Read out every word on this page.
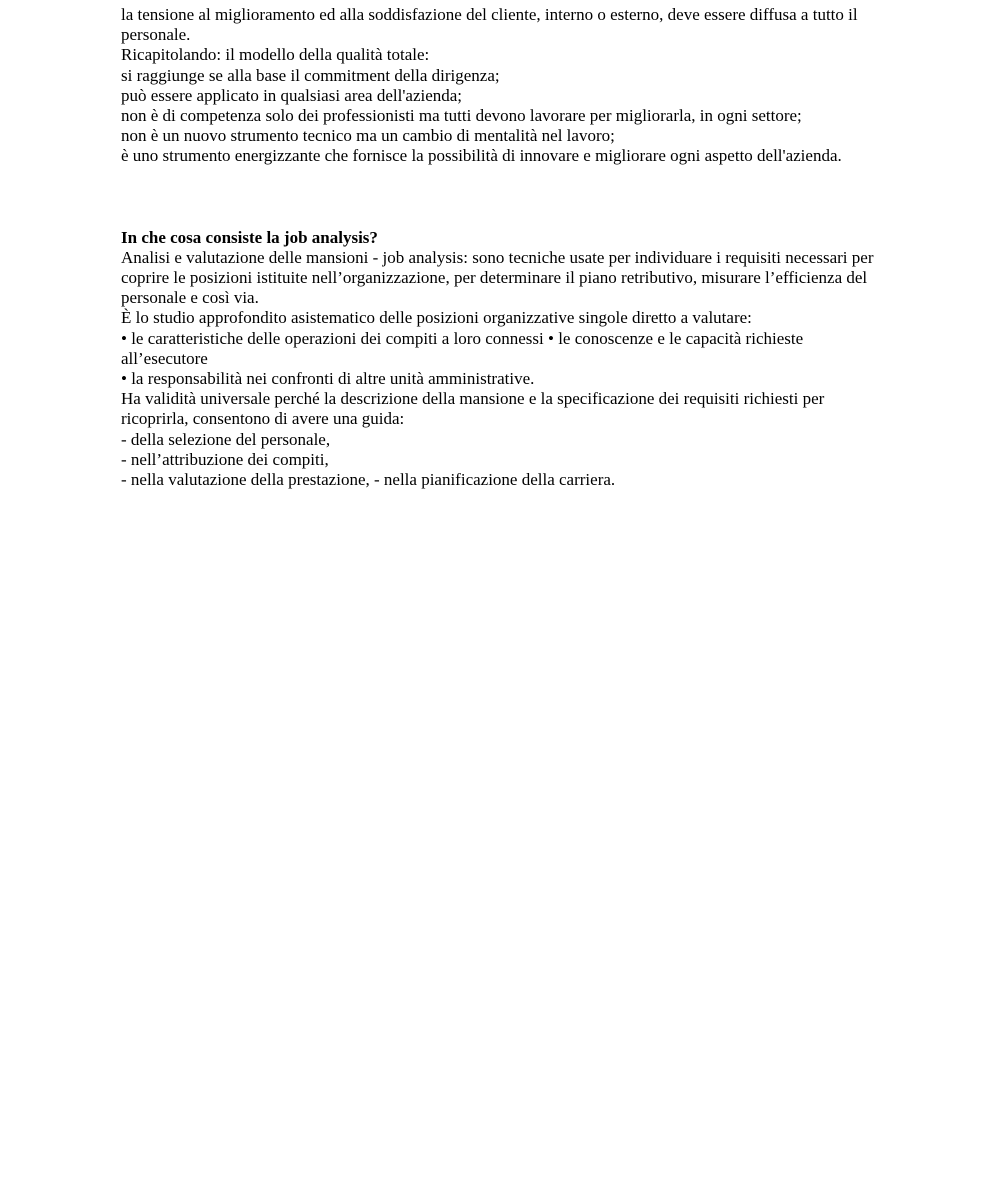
la tensione al miglioramento ed alla soddisfazione del cliente, interno o esterno, deve essere diffusa a tutto il personale.

Ricapitolando: il modello della qualità totale:

si raggiunge se alla base il commitment della dirigenza;

può essere applicato in qualsiasi area dell'azienda;

non è di competenza solo dei professionisti ma tutti devono lavorare per migliorarla, in ogni settore;

non è un nuovo strumento tecnico ma un cambio di mentalità nel lavoro;

è uno strumento energizzante che fornisce la possibilità di innovare e migliorare ogni aspetto dell'azienda.

In che cosa consiste la job analysis?

Analisi e valutazione delle mansioni - job analysis: sono tecniche usate per individuare i requisiti necessari per coprire le posizioni istituite nell’organizzazione, per determinare il piano retributivo, misurare l’efficienza del personale e così via.

È lo studio approfondito asistematico delle posizioni organizzative singole diretto a valutare:

• le caratteristiche delle operazioni dei compiti a loro connessi • le conoscenze e le capacità richieste all’esecutore

• la responsabilità nei confronti di altre unità amministrative.

Ha validità universale perché la descrizione della mansione e la specificazione dei requisiti richiesti per ricoprirla, consentono di avere una guida:

- della selezione del personale,

- nell’attribuzione dei compiti,

- nella valutazione della prestazione, - nella pianificazione della carriera.
